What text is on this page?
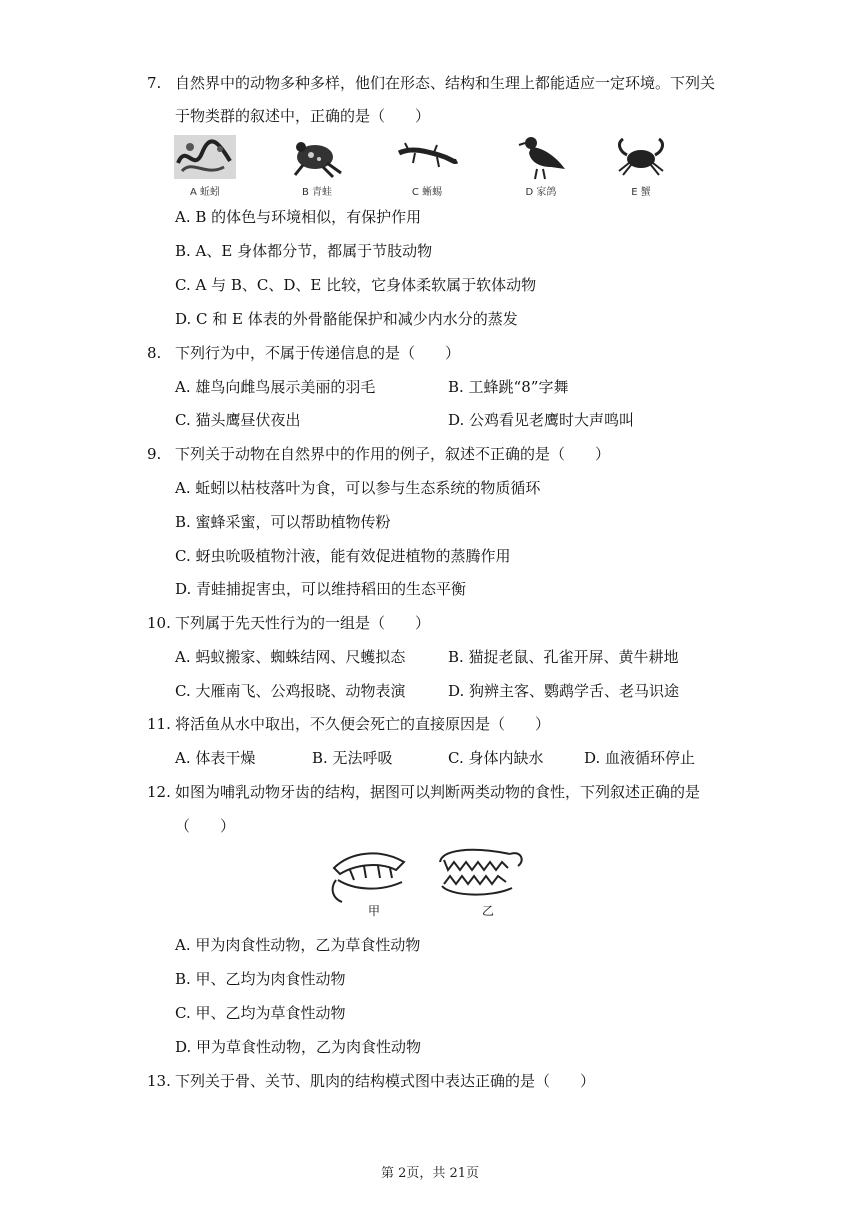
7. 自然界中的动物多种多样，他们在形态、结构和生理上都能适应一定环境。下列关
于物类群的叙述中，正确的是（　　）
A 蚯蚓	B 青蛙	C 蜥蜴	D 家鸽	E 蟹
A. B 的体色与环境相似，有保护作用
B. A、E 身体都分节，都属于节肢动物
C. A 与 B、C、D、E 比较，它身体柔软属于软体动物
D. C 和 E 体表的外骨骼能保护和减少内水分的蒸发
8. 下列行为中，不属于传递信息的是（　　）
A. 雄鸟向雌鸟展示美丽的羽毛	B. 工蜂跳“8”字舞
C. 猫头鹰昼伏夜出	D. 公鸡看见老鹰时大声鸣叫
9. 下列关于动物在自然界中的作用的例子，叙述不正确的是（　　）
A. 蚯蚓以枯枝落叶为食，可以参与生态系统的物质循环
B. 蜜蜂采蜜，可以帮助植物传粉
C. 蚜虫吮吸植物汁液，能有效促进植物的蒸腾作用
D. 青蛙捕捉害虫，可以维持稻田的生态平衡
10. 下列属于先天性行为的一组是（　　）
A. 蚂蚁搬家、蜘蛛结网、尺蠖拟态	B. 猫捉老鼠、孔雀开屏、黄牛耕地
C. 大雁南飞、公鸡报晓、动物表演	D. 狗辨主客、鹦鹉学舌、老马识途
11. 将活鱼从水中取出，不久便会死亡的直接原因是（　　）
A. 体表干燥	B. 无法呼吸	C. 身体内缺水	D. 血液循环停止
12. 如图为哺乳动物牙齿的结构，据图可以判断两类动物的食性，下列叙述正确的是
（　　）
甲	乙
A. 甲为肉食性动物，乙为草食性动物
B. 甲、乙均为肉食性动物
C. 甲、乙均为草食性动物
D. 甲为草食性动物，乙为肉食性动物
13. 下列关于骨、关节、肌肉的结构模式图中表达正确的是（　　）
第 2页，共 21页
